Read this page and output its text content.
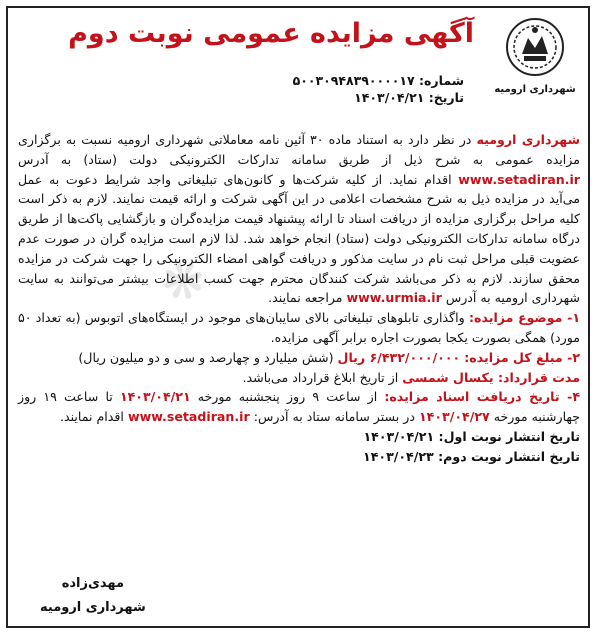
❋
شهرداری ارومیه
آگهی مزایده عمومی نوبت دوم
شماره: ۵۰۰۳۰۹۴۸۳۹۰۰۰۰۱۷
تاریخ: ۱۴۰۳/۰۴/۲۱
شهرداری ارومیه در نظر دارد به استناد ماده ۳۰ آئین نامه معاملاتی شهرداری ارومیه نسبت به برگزاری مزایده عمومی به شرح ذیل از طریق سامانه تدارکات الکترونیکی دولت (ستاد) به آدرس www.setadiran.ir اقدام نماید. از کلیه شرکت‌ها و کانون‌های تبلیغاتی واجد شرایط دعوت به عمل می‌آید در مزایده ذیل به شرح مشخصات اعلامی در این آگهی شرکت و ارائه قیمت نمایند. لازم به ذکر است کلیه مراحل برگزاری مزایده از دریافت اسناد تا ارائه پیشنهاد قیمت مزایده‌گران و بازگشایی پاکت‌ها از طریق درگاه سامانه تدارکات الکترونیکی دولت (ستاد) انجام خواهد شد. لذا لازم است مزایده گران در صورت عدم عضویت قبلی مراحل ثبت نام در سایت مذکور و دریافت گواهی امضاء الکترونیکی را جهت شرکت در مزایده محقق سازند. لازم به ذکر می‌باشد شرکت کنندگان محترم جهت کسب اطلاعات بیشتر می‌توانند به سایت شهرداری ارومیه به آدرس www.urmia.ir مراجعه نمایند.
۱- موضوع مزایده: واگذاری تابلوهای تبلیغاتی بالای سایبان‌های موجود در ایستگاه‌های اتوبوس (به تعداد ۵۰ مورد) همگی بصورت یکجا بصورت اجاره برابر آگهی مزایده.
۲- مبلغ کل مزایده: ۶/۴۳۲/۰۰۰/۰۰۰ ریال (شش میلیارد و چهارصد و سی و دو میلیون ریال)
مدت قرارداد: یکسال شمسی از تاریخ ابلاغ قرارداد می‌باشد.
۴- تاریخ دریافت اسناد مزایده: از ساعت ۹ روز پنجشنبه مورخه ۱۴۰۳/۰۴/۲۱ تا ساعت ۱۹ روز چهارشنبه مورخه ۱۴۰۳/۰۴/۲۷ در بستر سامانه ستاد به آدرس: www.setadiran.ir اقدام نمایند.
تاریخ انتشار نوبت اول: ۱۴۰۳/۰۴/۲۱
تاریخ انتشار نوبت دوم: ۱۴۰۳/۰۴/۲۳
مهدی‌زاده
شهرداری ارومیه
